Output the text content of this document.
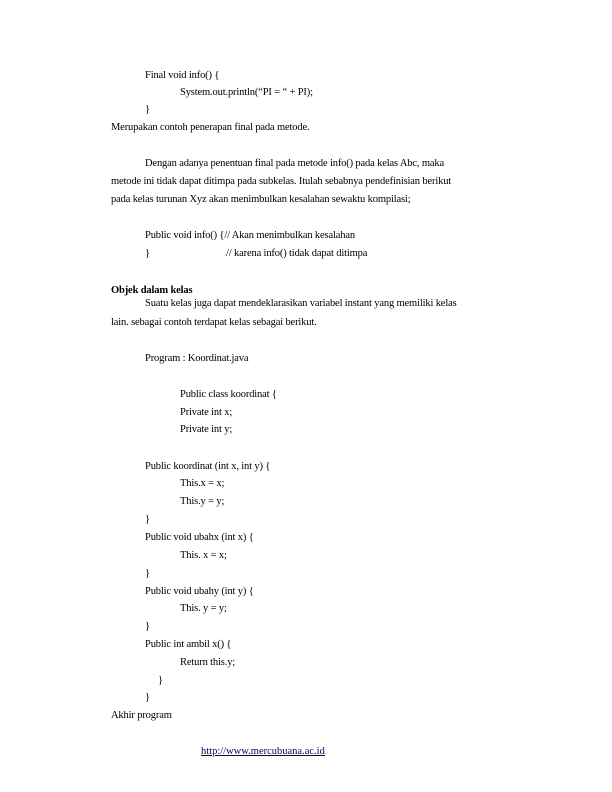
Final void info() {
System.out.println(“PI = “ + PI);
}
Merupakan contoh penerapan final pada metode.
Dengan adanya penentuan final pada metode info() pada kelas Abc, maka
metode ini tidak dapat ditimpa pada subkelas. Itulah sebabnya pendefinisian berikut
pada kelas turunan Xyz akan menimbulkan kesalahan sewaktu kompilasi;
Public void info() {// Akan menimbulkan kesalahan
}	// karena info() tidak dapat ditimpa
Objek dalam kelas
Suatu kelas juga dapat mendeklarasikan variabel instant yang memiliki kelas
lain. sebagai contoh terdapat kelas sebagai berikut.
Program : Koordinat.java
Public class koordinat {
Private int x;
Private int y;
Public koordinat (int x, int y) {
This.x = x;
This.y = y;
}
Public void ubahx (int x) {
This. x = x;
}
Public void ubahy (int y) {
This. y = y;
}
Public int ambil x() {
Return this.y;
}
}
Akhir program
http://www.mercubuana.ac.id
